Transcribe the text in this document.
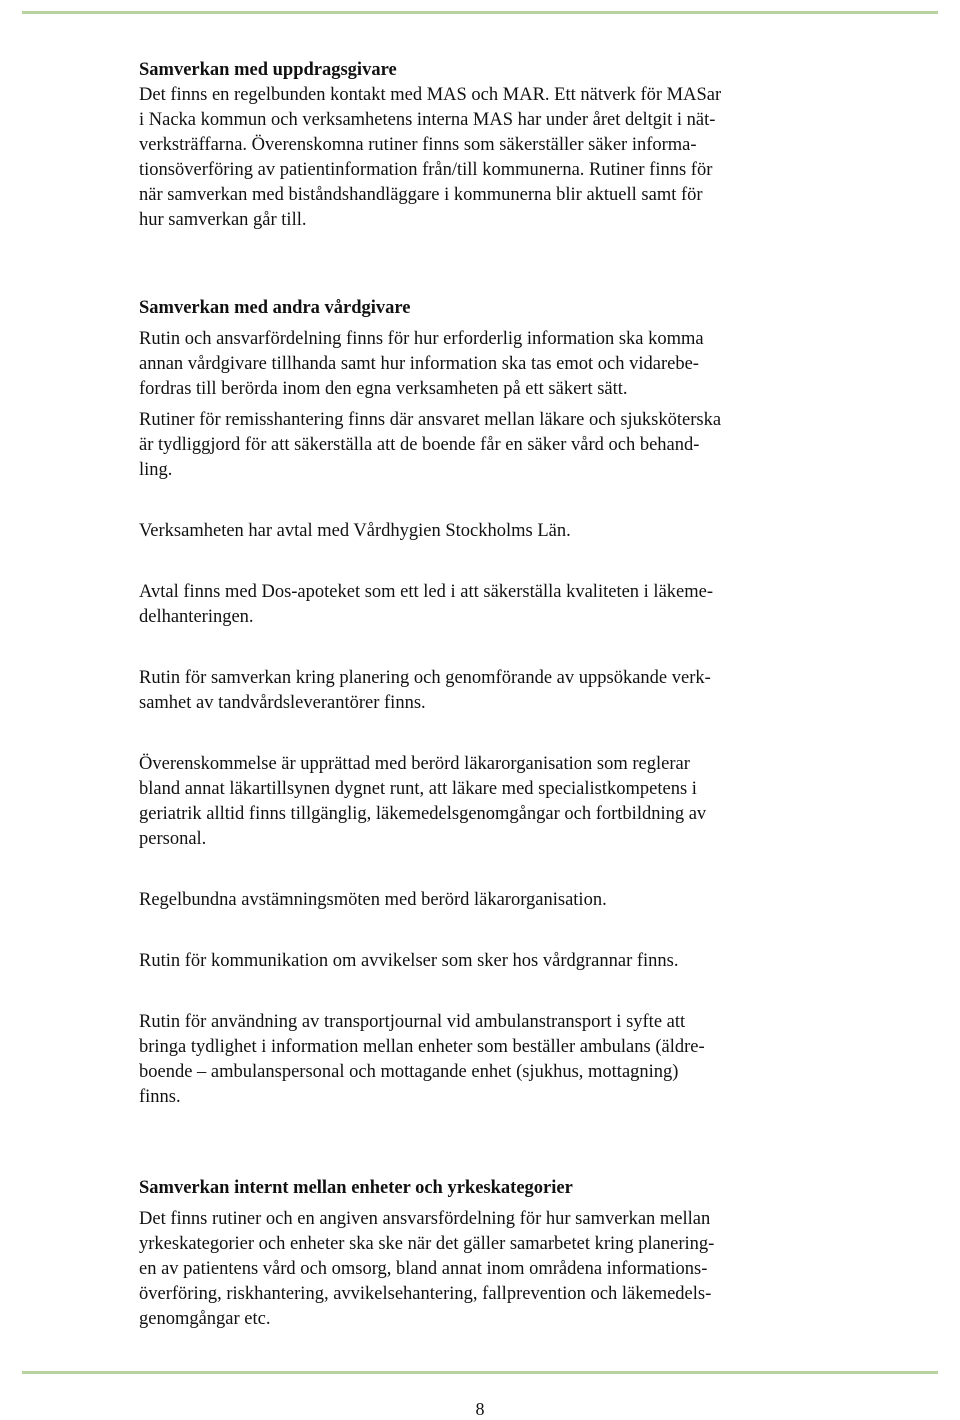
Samverkan med uppdragsgivare

Det finns en regelbunden kontakt med MAS och MAR. Ett nätverk för MASar
i Nacka kommun och verksamhetens interna MAS har under året deltgit i nät-
verksträffarna. Överenskomna rutiner finns som säkerställer säker informa-
tionsöverföring av patientinformation från/till kommunerna. Rutiner finns för
när samverkan med biståndshandläggare i kommunerna blir aktuell samt för
hur samverkan går till.

Samverkan med andra vårdgivare

Rutin och ansvarfördelning finns för hur erforderlig information ska komma
annan vårdgivare tillhanda samt hur information ska tas emot och vidarebe-
fordras till berörda inom den egna verksamheten på ett säkert sätt.

Rutiner för remisshantering finns där ansvaret mellan läkare och sjuksköterska
är tydliggjord för att säkerställa att de boende får en säker vård och behand-
ling.

Verksamheten har avtal med Vårdhygien Stockholms Län.

Avtal finns med Dos-apoteket som ett led i att säkerställa kvaliteten i läkeme-
delhanteringen.

Rutin för samverkan kring planering och genomförande av uppsökande verk-
samhet av tandvårdsleverantörer finns.

Överenskommelse är upprättad med berörd läkarorganisation som reglerar
bland annat läkartillsynen dygnet runt, att läkare med specialistkompetens i
geriatrik alltid finns tillgänglig, läkemedelsgenomgångar och fortbildning av
personal.

Regelbundna avstämningsmöten med berörd läkarorganisation.

Rutin för kommunikation om avvikelser som sker hos vårdgrannar finns.

Rutin för användning av transportjournal vid ambulanstransport i syfte att
bringa tydlighet i information mellan enheter som beställer ambulans (äldre-
boende – ambulanspersonal och mottagande enhet (sjukhus, mottagning)
finns.

Samverkan internt mellan enheter och yrkeskategorier

Det finns rutiner och en angiven ansvarsfördelning för hur samverkan mellan
yrkeskategorier och enheter ska ske när det gäller samarbetet kring planering-
en av patientens vård och omsorg, bland annat inom områdena informations-
överföring, riskhantering, avvikelsehantering, fallprevention och läkemedels-
genomgångar etc.

8
